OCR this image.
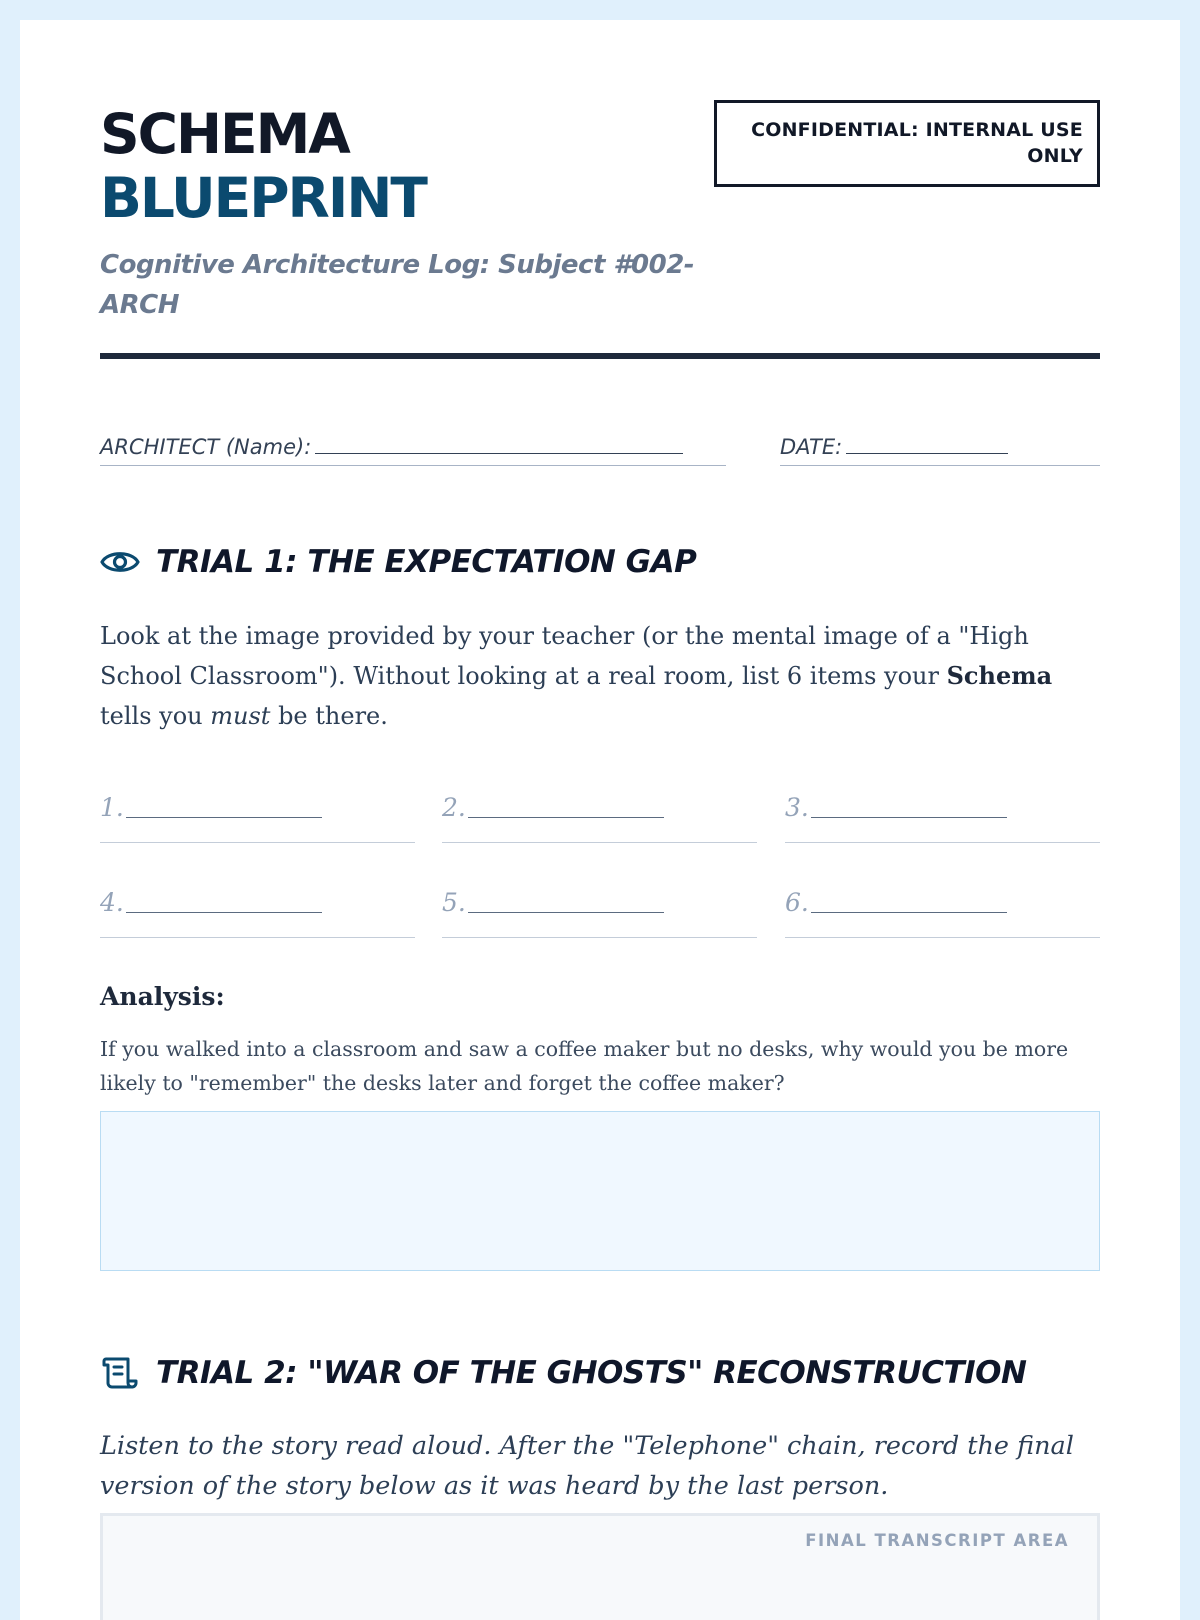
SCHEMA
BLUEPRINT
Cognitive Architecture Log: Subject #002-ARCH
CONFIDENTIAL: INTERNAL USE ONLY
ARCHITECT (Name):	DATE:
TRIAL 1: THE EXPECTATION GAP
Look at the image provided by your teacher (or the mental image of a "High School Classroom"). Without looking at a real room, list 6 items your Schema tells you must be there.
1.	2.	3.
4.	5.	6.
Analysis:
If you walked into a classroom and saw a coffee maker but no desks, why would you be more likely to "remember" the desks later and forget the coffee maker?
TRIAL 2: "WAR OF THE GHOSTS" RECONSTRUCTION
Listen to the story read aloud. After the "Telephone" chain, record the final version of the story below as it was heard by the last person.
FINAL TRANSCRIPT AREA
